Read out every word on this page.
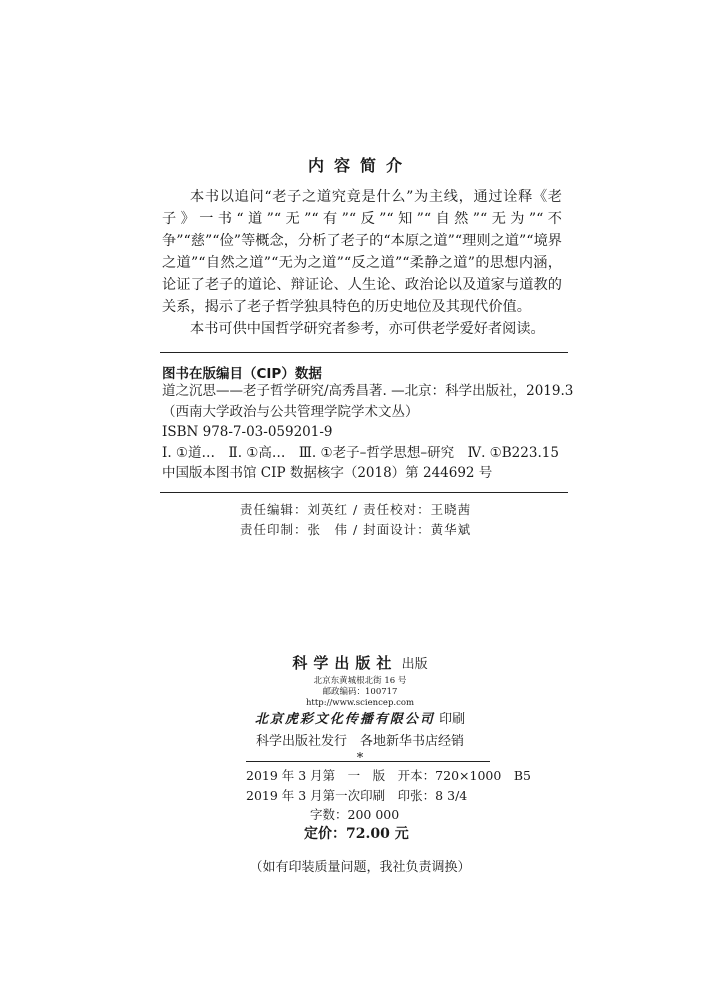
内容简介

本书以追问“老子之道究竟是什么”为主线，通过诠释《老子》一书“道”“无”“有”“反”“知”“自然”“无为”“不争”“慈”“俭”等概念，分析了老子的“本原之道”“理则之道”“境界之道”“自然之道”“无为之道”“反之道”“柔静之道”的思想内涵，论证了老子的道论、辩证论、人生论、政治论以及道家与道教的关系，揭示了老子哲学独具特色的历史地位及其现代价值。

本书可供中国哲学研究者参考，亦可供老学爱好者阅读。

图书在版编目（CIP）数据
道之沉思——老子哲学研究/高秀昌著. —北京：科学出版社，2019.3
（西南大学政治与公共管理学院学术文丛）
ISBN 978-7-03-059201-9
Ⅰ. ①道…　Ⅱ. ①高…　Ⅲ. ①老子–哲学思想–研究　Ⅳ. ①B223.15
中国版本图书馆 CIP 数据核字（2018）第 244692 号
责任编辑：刘英红 / 责任校对：王晓茜
责任印制：张　伟 / 封面设计：黄华斌
科学出版社 出版
北京东黄城根北街 16 号
邮政编码：100717
http://www.sciencep.com
北京虎彩文化传播有限公司 印刷
科学出版社发行　各地新华书店经销
*
2019 年 3 月第　一　版　开本：720×1000　B5
2019 年 3 月第一次印刷　印张：8 3/4
字数：200 000
定价：72.00 元
（如有印装质量问题，我社负责调换）
